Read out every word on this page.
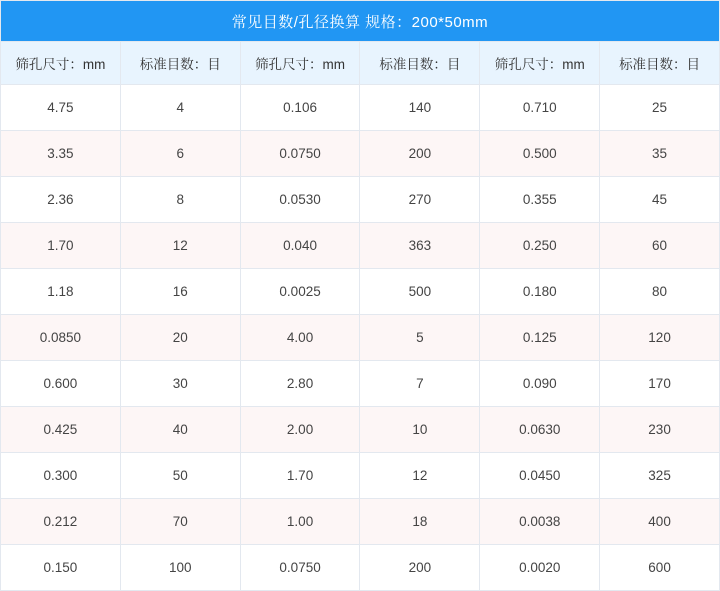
常见目数/孔径换算 规格：200*50mm					
筛孔尺寸：mm	标准目数：目	筛孔尺寸：mm	标准目数：目	筛孔尺寸：mm	标准目数：目
4.75	4	0.106	140	0.710	25
3.35	6	0.0750	200	0.500	35
2.36	8	0.0530	270	0.355	45
1.70	12	0.040	363	0.250	60
1.18	16	0.0025	500	0.180	80
0.0850	20	4.00	5	0.125	120
0.600	30	2.80	7	0.090	170
0.425	40	2.00	10	0.0630	230
0.300	50	1.70	12	0.0450	325
0.212	70	1.00	18	0.0038	400
0.150	100	0.0750	200	0.0020	600
